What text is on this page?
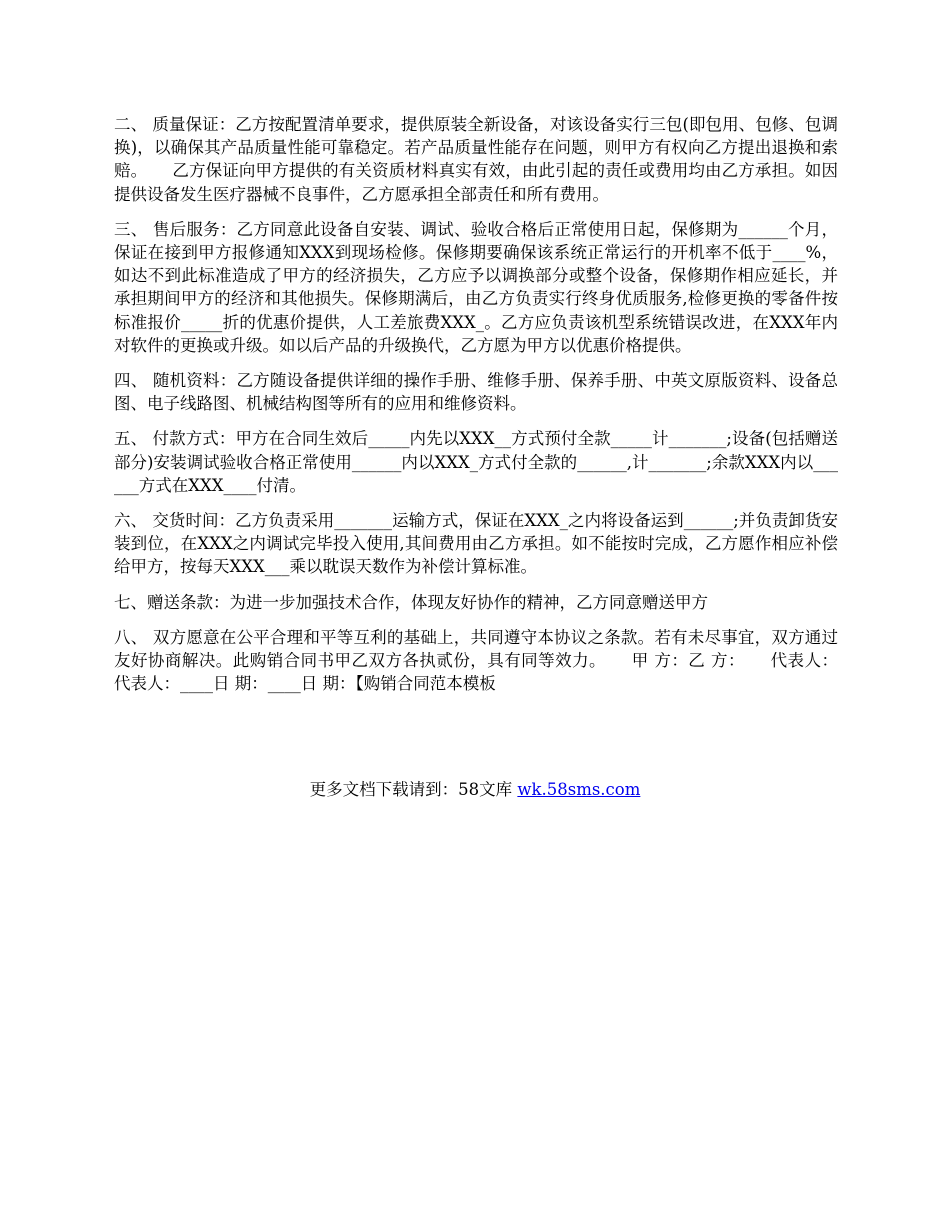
二、 质量保证：乙方按配置清单要求，提供原装全新设备，对该设备实行三包(即包用、包修、包调换)，以确保其产品质量性能可靠稳定。若产品质量性能存在问题，则甲方有权向乙方提出退换和索赔。　　乙方保证向甲方提供的有关资质材料真实有效，由此引起的责任或费用均由乙方承担。如因提供设备发生医疗器械不良事件，乙方愿承担全部责任和所有费用。

三、 售后服务：乙方同意此设备自安装、调试、验收合格后正常使用日起，保修期为______个月，保证在接到甲方报修通知XXX到现场检修。保修期要确保该系统正常运行的开机率不低于____%，如达不到此标准造成了甲方的经济损失，乙方应予以调换部分或整个设备，保修期作相应延长，并承担期间甲方的经济和其他损失。保修期满后，由乙方负责实行终身优质服务,检修更换的零备件按标准报价_____折的优惠价提供，人工差旅费XXX_。乙方应负责该机型系统错误改进，在XXX年内对软件的更换或升级。如以后产品的升级换代，乙方愿为甲方以优惠价格提供。

四、 随机资料：乙方随设备提供详细的操作手册、维修手册、保养手册、中英文原版资料、设备总图、电子线路图、机械结构图等所有的应用和维修资料。

五、 付款方式：甲方在合同生效后_____内先以XXX__方式预付全款_____计_______;设备(包括赠送部分)安装调试验收合格正常使用______内以XXX_方式付全款的______,计_______;余款XXX内以______方式在XXX____付清。

六、 交货时间：乙方负责采用_______运输方式，保证在XXX_之内将设备运到______;并负责卸货安装到位，在XXX之内调试完毕投入使用,其间费用由乙方承担。如不能按时完成，乙方愿作相应补偿给甲方，按每天XXX___乘以耽误天数作为补偿计算标准。

七、赠送条款：为进一步加强技术合作，体现友好协作的精神，乙方同意赠送甲方

八、 双方愿意在公平合理和平等互利的基础上，共同遵守本协议之条款。若有未尽事宜，双方通过友好协商解决。此购销合同书甲乙双方各执贰份，具有同等效力。　　甲 方：乙 方：　　代表人： 代表人：____日 期：____日 期：【购销合同范本模板

更多文档下载请到：58文库 wk.58sms.com
